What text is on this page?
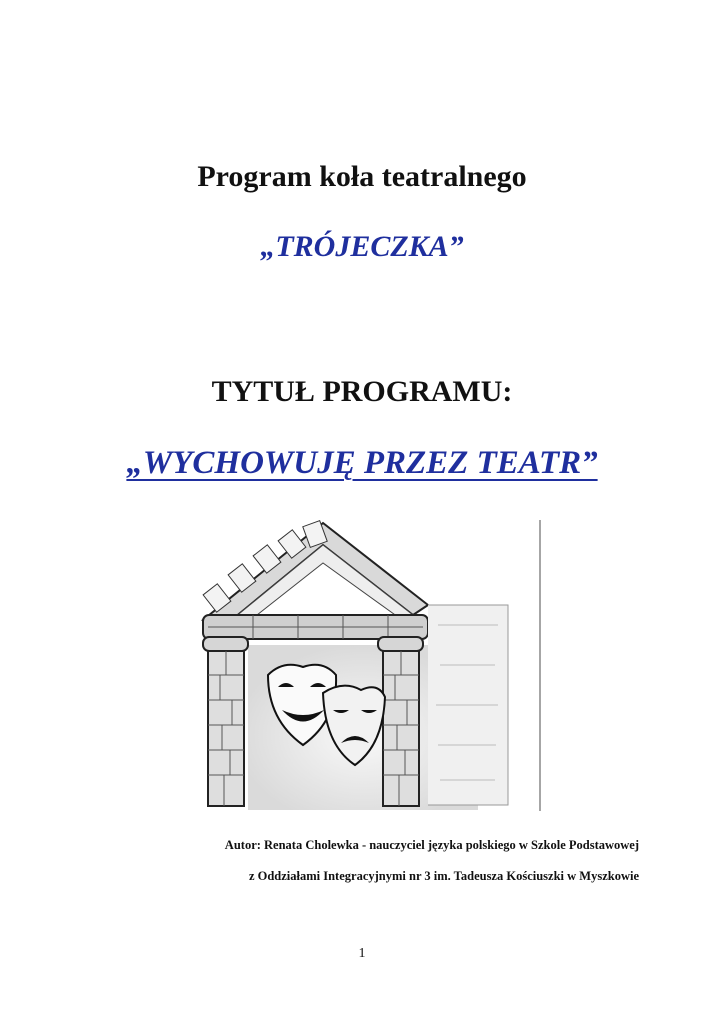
Program koła teatralnego
„TRÓJECZKA”
TYTUŁ PROGRAMU:
„WYCHOWUJĘ PRZEZ TEATR”
Autor: Renata Cholewka - nauczyciel języka polskiego w Szkole Podstawowej
z Oddziałami Integracyjnymi nr 3 im. Tadeusza Kościuszki w Myszkowie
1
